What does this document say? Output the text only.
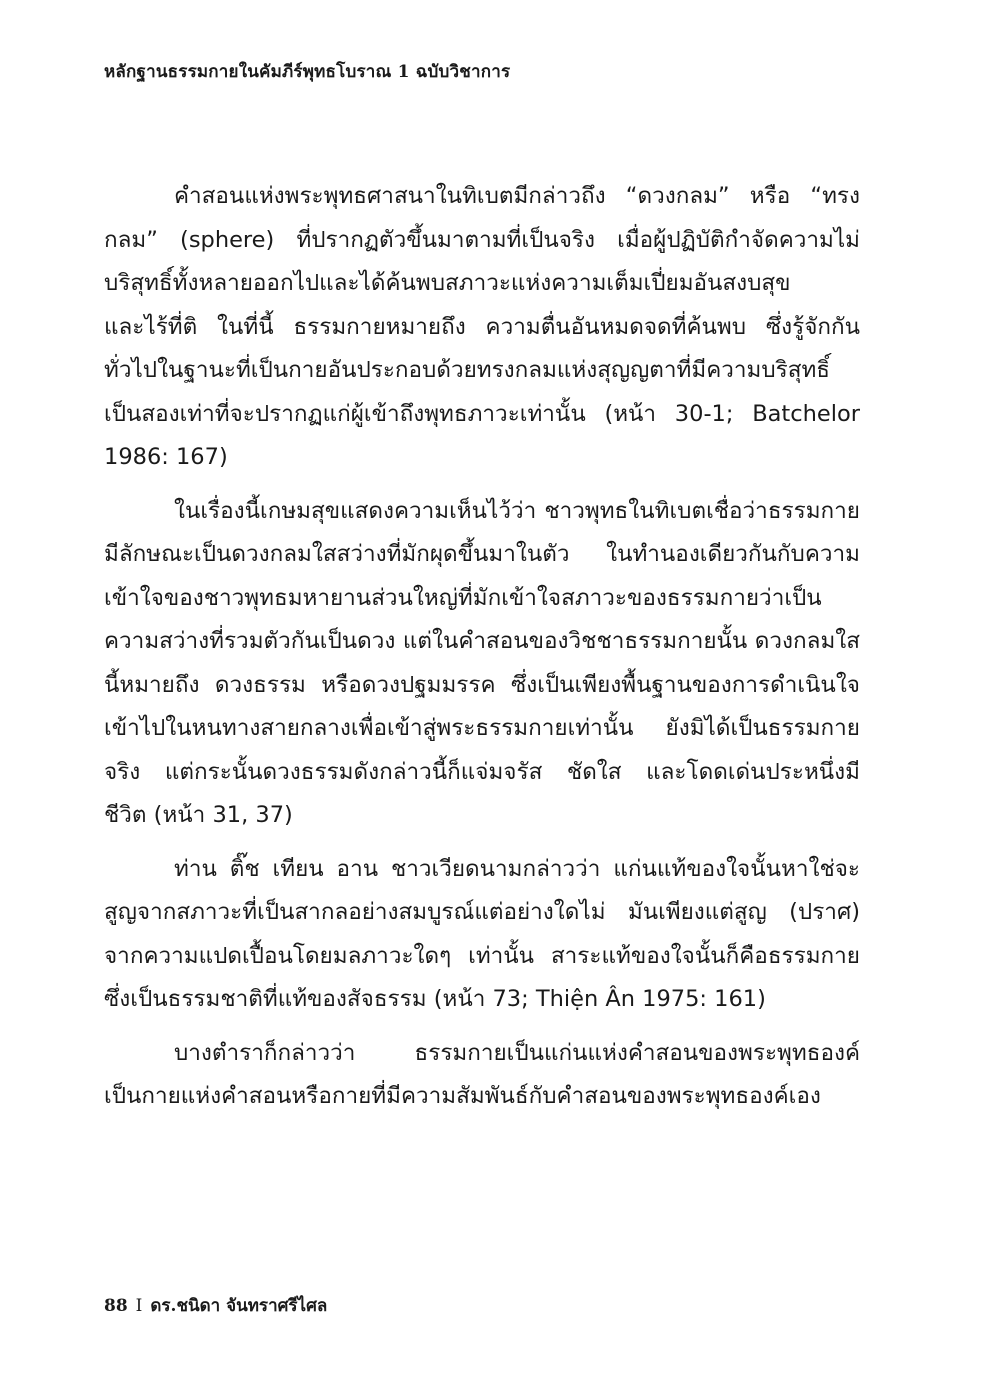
หลักฐานธรรมกายในคัมภีร์พุทธโบราณ 1 ฉบับวิชาการ

คำสอนแห่งพระพุทธศาสนาในทิเบตมีกล่าวถึง “ดวงกลม” หรือ “ทรง
กลม” (sphere) ที่ปรากฏตัวขึ้นมาตามที่เป็นจริง เมื่อผู้ปฏิบัติกำจัดความไม่
บริสุทธิ์ทั้งหลายออกไปและได้ค้นพบสภาวะแห่งความเต็มเปี่ยมอันสงบสุข
และไร้ที่ติ ในที่นี้ ธรรมกายหมายถึง ความตื่นอันหมดจดที่ค้นพบ ซึ่งรู้จักกัน
ทั่วไปในฐานะที่เป็นกายอันประกอบด้วยทรงกลมแห่งสุญญตาที่มีความบริสุทธิ์
เป็นสองเท่าที่จะปรากฏแก่ผู้เข้าถึงพุทธภาวะเท่านั้น (หน้า 30-1; Batchelor
1986: 167)

ในเรื่องนี้เกษมสุขแสดงความเห็นไว้ว่า ชาวพุทธในทิเบตเชื่อว่าธรรมกาย
มีลักษณะเป็นดวงกลมใสสว่างที่มักผุดขึ้นมาในตัว ในทำนองเดียวกันกับความ
เข้าใจของชาวพุทธมหายานส่วนใหญ่ที่มักเข้าใจสภาวะของธรรมกายว่าเป็น
ความสว่างที่รวมตัวกันเป็นดวง แต่ในคำสอนของวิชชาธรรมกายนั้น ดวงกลมใส
นี้หมายถึง ดวงธรรม หรือดวงปฐมมรรค ซึ่งเป็นเพียงพื้นฐานของการดำเนินใจ
เข้าไปในหนทางสายกลางเพื่อเข้าสู่พระธรรมกายเท่านั้น ยังมิได้เป็นธรรมกาย
จริง แต่กระนั้นดวงธรรมดังกล่าวนี้ก็แจ่มจรัส ชัดใส และโดดเด่นประหนึ่งมี
ชีวิต (หน้า 31, 37)

ท่าน ติ๊ช เทียน อาน ชาวเวียดนามกล่าวว่า แก่นแท้ของใจนั้นหาใช่จะ
สูญจากสภาวะที่เป็นสากลอย่างสมบูรณ์แต่อย่างใดไม่ มันเพียงแต่สูญ (ปราศ)
จากความแปดเปื้อนโดยมลภาวะใดๆ เท่านั้น สาระแท้ของใจนั้นก็คือธรรมกาย
ซึ่งเป็นธรรมชาติที่แท้ของสัจธรรม (หน้า 73; Thiện Ân 1975: 161)

บางตำราก็กล่าวว่า ธรรมกายเป็นแก่นแห่งคำสอนของพระพุทธองค์
เป็นกายแห่งคำสอนหรือกายที่มีความสัมพันธ์กับคำสอนของพระพุทธองค์เอง

88 I ดร.ชนิดา จันทราศรีไศล
